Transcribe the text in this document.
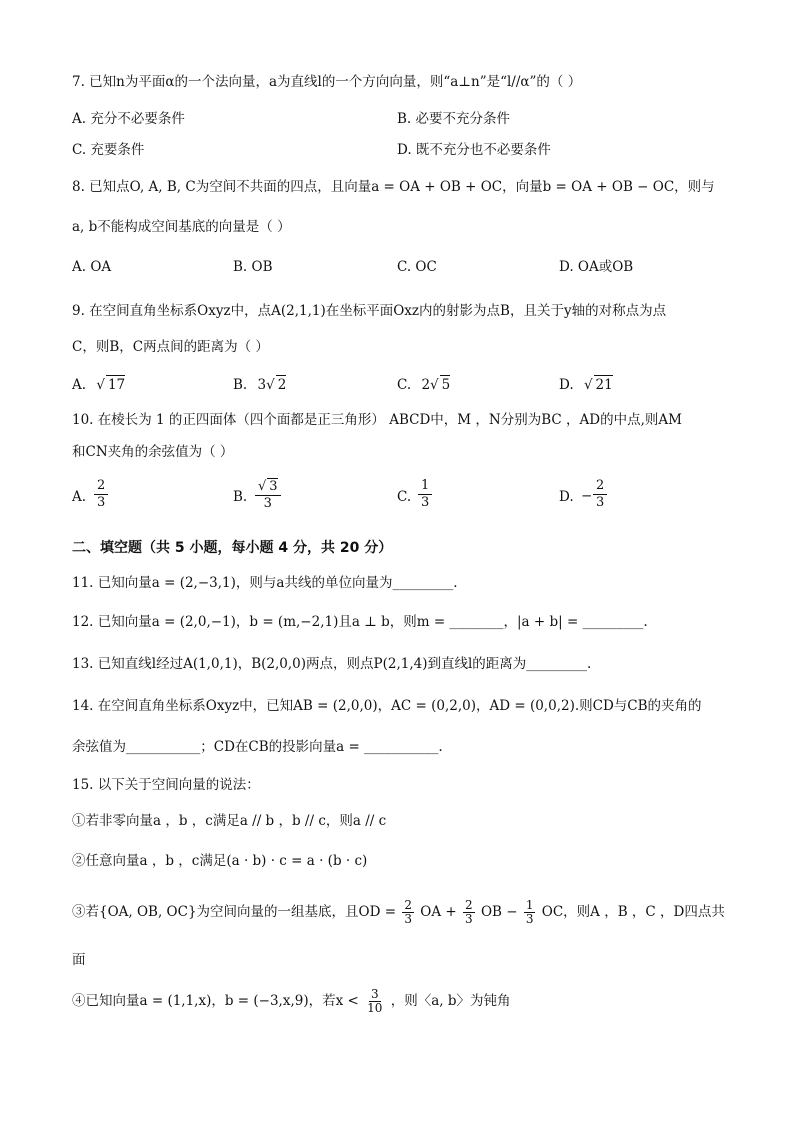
7. 已知n为平面α的一个法向量，a为直线l的一个方向向量，则“a⊥n”是“l//α”的（ ）
A. 充分不必要条件	B. 必要不充分条件
C. 充要条件	D. 既不充分也不必要条件
8. 已知点O, A, B, C为空间不共面的四点，且向量a = OA + OB + OC，向量b = OA + OB − OC，则与
a, b不能构成空间基底的向量是（ ）
A. OA	B. OB	C. OC	D. OA或OB
9. 在空间直角坐标系Oxyz中，点A(2,1,1)在坐标平面Oxz内的射影为点B，且关于y轴的对称点为点
C，则B，C两点间的距离为（ ）
A. √ 17	B. 3√ 2	C. 2√ 5	D. √ 21
10. 在棱长为 1 的正四面体（四个面都是正三角形） ABCD中，M ，N分别为BC ，AD的中点,则AM
和CN夹角的余弦值为（ ）
A. $\frac{2}{3}$	B. $\frac{√ 3}{3}$	C. $\frac{1}{3}$	D. − $\frac{2}{3}$
二、填空题（共 5 小题，每小题 4 分，共 20 分）
11. 已知向量a = (2,−3,1)，则与a共线的单位向量为_________.
12. 已知向量a = (2,0,−1)，b = (m,−2,1)且a ⊥ b，则m = ________，|a + b| = _________.
13. 已知直线l经过A(1,0,1)，B(2,0,0)两点，则点P(2,1,4)到直线l的距离为_________.
14. 在空间直角坐标系Oxyz中，已知AB = (2,0,0)，AC = (0,2,0)，AD = (0,0,2).则CD与CB的夹角的
余弦值为___________；CD在CB的投影向量a = ___________.
15. 以下关于空间向量的说法：
①若非零向量a ，b ，c满足a // b ，b // c，则a // c
②任意向量a ，b ，c满足(a · b) · c = a · (b · c)
③若{OA, OB, OC}为空间向量的一组基底，且OD = $\frac{2}{3}$ OA + $\frac{2}{3}$ OB − $\frac{1}{3}$ OC，则A ，B ，C ，D四点共
面
④已知向量a = (1,1,x)，b = (−3,x,9)，若$x < \frac{3}{10}$ ，则〈a, b〉为钝角
